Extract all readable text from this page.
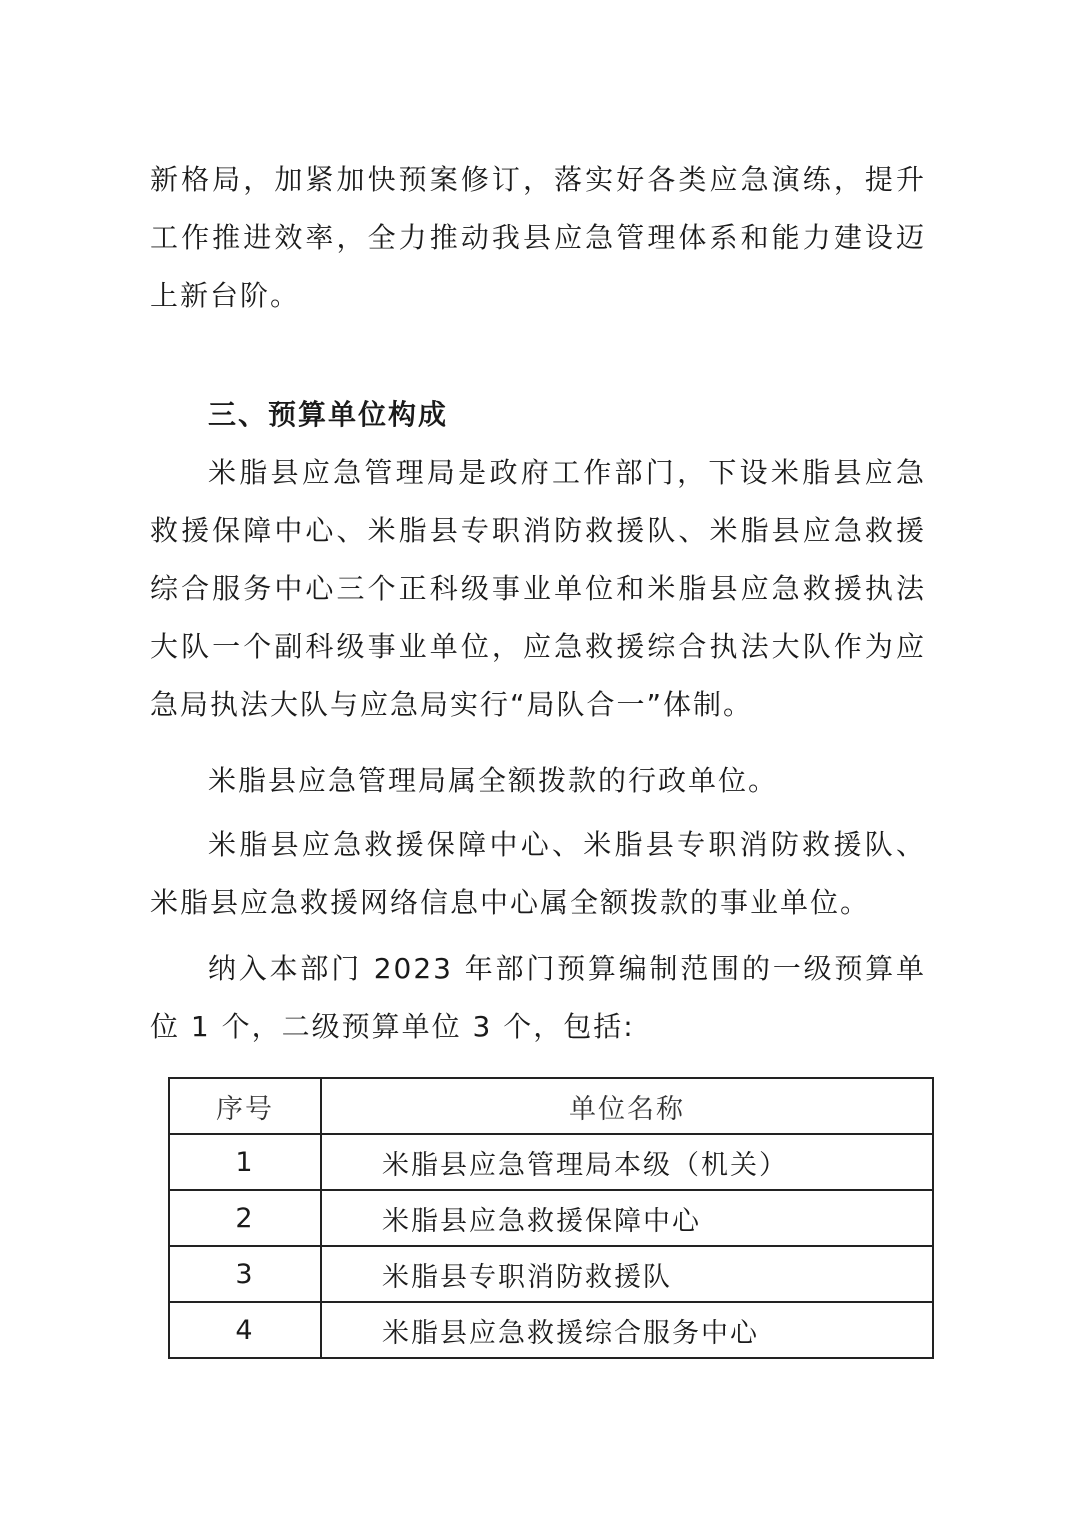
新格局，加紧加快预案修订，落实好各类应急演练，提升工作推进效率，全力推动我县应急管理体系和能力建设迈上新台阶。

三、预算单位构成

米脂县应急管理局是政府工作部门，下设米脂县应急救援保障中心、米脂县专职消防救援队、米脂县应急救援综合服务中心三个正科级事业单位和米脂县应急救援执法大队一个副科级事业单位，应急救援综合执法大队作为应急局执法大队与应急局实行“局队合一”体制。

米脂县应急管理局属全额拨款的行政单位。

米脂县应急救援保障中心、米脂县专职消防救援队、米脂县应急救援网络信息中心属全额拨款的事业单位。

纳入本部门 2023 年部门预算编制范围的一级预算单位 1 个，二级预算单位 3 个，包括:

序号	单位名称
1	米脂县应急管理局本级（机关）
2	米脂县应急救援保障中心
3	米脂县专职消防救援队
4	米脂县应急救援综合服务中心
